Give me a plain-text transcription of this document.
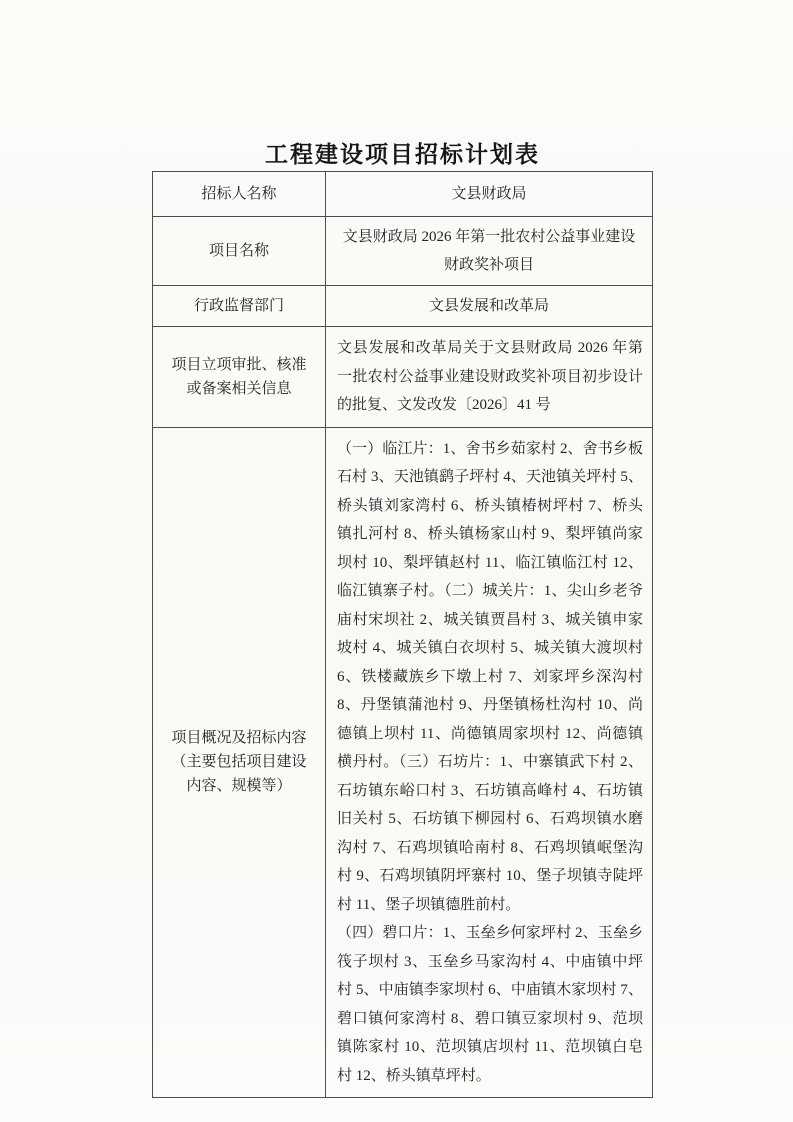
工程建设项目招标计划表
招标人名称	文县财政局
项目名称
文县财政局 2026 年第一批农村公益事业建设财政奖补项目
行政监督部门	文县发展和改革局
项目立项审批、核准或备案相关信息
文县发展和改革局关于文县财政局 2026 年第一批农村公益事业建设财政奖补项目初步设计的批复、文发改发〔2026〕41 号
项目概况及招标内容（主要包括项目建设内容、规模等）

（一）临江片：1、舍书乡茹家村 2、舍书乡板石村 3、天池镇鹞子坪村 4、天池镇关坪村 5、桥头镇刘家湾村 6、桥头镇椿树坪村 7、桥头镇扎河村 8、桥头镇杨家山村 9、梨坪镇尚家坝村 10、梨坪镇赵村 11、临江镇临江村 12、临江镇寨子村。（二）城关片：1、尖山乡老爷庙村宋坝社 2、城关镇贾昌村 3、城关镇申家坡村 4、城关镇白衣坝村 5、城关镇大渡坝村 6、铁楼藏族乡下墩上村 7、刘家坪乡深沟村 8、丹堡镇蒲池村 9、丹堡镇杨杜沟村 10、尚德镇上坝村 11、尚德镇周家坝村 12、尚德镇横丹村。（三）石坊片：1、中寨镇武下村 2、石坊镇东峪口村 3、石坊镇高峰村 4、石坊镇旧关村 5、石坊镇下柳园村 6、石鸡坝镇水磨沟村 7、石鸡坝镇哈南村 8、石鸡坝镇岷堡沟村 9、石鸡坝镇阴坪寨村 10、堡子坝镇寺陡坪村 11、堡子坝镇德胜前村。

（四）碧口片：1、玉垒乡何家坪村 2、玉垒乡筏子坝村 3、玉垒乡马家沟村 4、中庙镇中坪村 5、中庙镇李家坝村 6、中庙镇木家坝村 7、碧口镇何家湾村 8、碧口镇豆家坝村 9、范坝镇陈家村 10、范坝镇店坝村 11、范坝镇白皂村 12、桥头镇草坪村。
